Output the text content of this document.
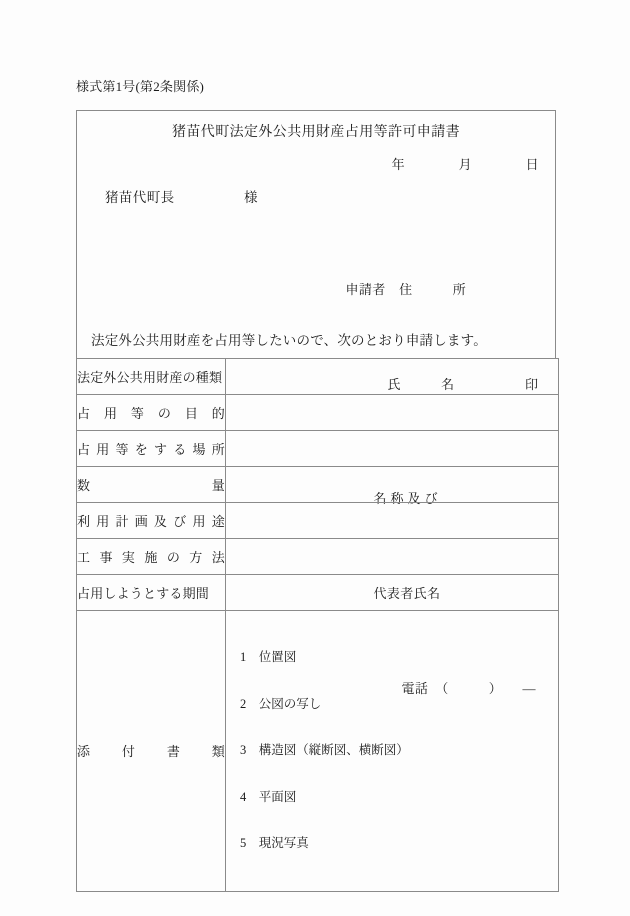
様式第1号(第2条関係)
猪苗代町法定外公共用財産占用等許可申請書
年　　　　月　　　　日
猪苗代町長　　　　　様

申請者　住　　　所

氏　　　名
	印

名 称 及 び

代表者氏名

電話　（　　　）　　―

法定外公共用財産を占用等したいので、次のとおり申請します。
法定外公共用財産の種類	

占 用 等 の 目 的

占 用 等 を す る 場 所

数 量	

利 用 計 画 及 び 用 途

工 事 実 施 の 方 法

占用しようとする期間	

添 付 書 類

1　位置図

2　公図の写し

3　構造図（縦断図、横断図）

4　平面図

5　現況写真
